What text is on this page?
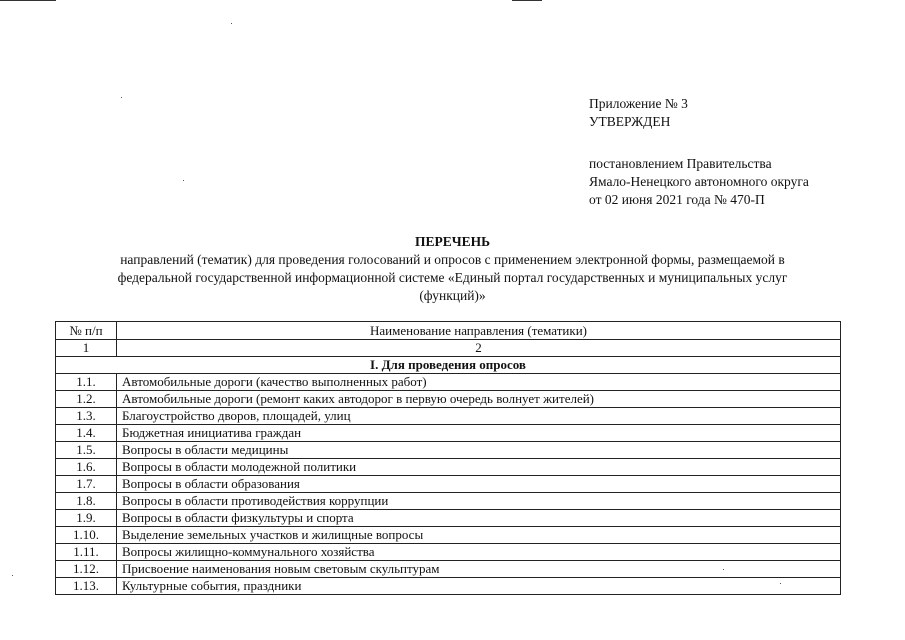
Приложение № 3
УТВЕРЖДЕН
постановлением Правительства
Ямало-Ненецкого автономного округа
от 02 июня 2021 года № 470-П
ПЕРЕЧЕНЬ
направлений (тематик) для проведения голосований и опросов с применением электронной формы, размещаемой в
федеральной государственной информационной системе «Единый портал государственных и муниципальных услуг
(функций)»
№ п/п	Наименование направления (тематики)
1	2
I. Для проведения опросов	
1.1.	Автомобильные дороги (качество выполненных работ)
1.2.	Автомобильные дороги (ремонт каких автодорог в первую очередь волнует жителей)
1.3.	Благоустройство дворов, площадей, улиц
1.4.	Бюджетная инициатива граждан
1.5.	Вопросы в области медицины
1.6.	Вопросы в области молодежной политики
1.7.	Вопросы в области образования
1.8.	Вопросы в области противодействия коррупции
1.9.	Вопросы в области физкультуры и спорта
1.10.	Выделение земельных участков и жилищные вопросы
1.11.	Вопросы жилищно-коммунального хозяйства
1.12.	Присвоение наименования новым световым скульптурам
1.13.	Культурные события, праздники
